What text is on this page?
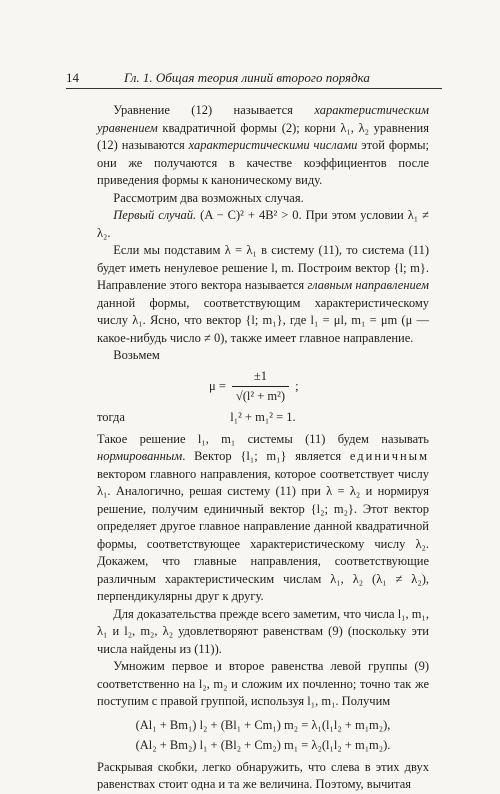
14	Гл. 1. Общая теория линий второго порядка

Уравнение (12) называется характеристическим уравнением квадратичной формы (2); корни λ₁, λ₂ уравнения (12) называются характеристическими числами этой формы; они же получаются в качестве коэффициентов после приведения формы к каноническому виду.

Рассмотрим два возможных случая.

Первый случай. (A − C)² + 4B² > 0. При этом условии λ₁ ≠ λ₂.

Если мы подставим λ = λ₁ в систему (11), то система (11) будет иметь ненулевое решение l, m. Построим вектор {l; m}. Направление этого вектора называется главным направлением данной формы, соответствующим характеристическому числу λ₁. Ясно, что вектор {l; m₁}, где l₁ = μl, m₁ = μm (μ — какое-нибудь число ≠ 0), также имеет главное направление.

Возьмем

$\mu = \frac{\pm 1}{\text{√(l² + m²)}}$ ;
тогда	l₁² + m₁² = 1.

Такое решение l₁, m₁ системы (11) будем называть нормированным. Вектор {l₁; m₁} является единичным вектором главного направления, которое соответствует числу λ₁. Аналогично, решая систему (11) при λ = λ₂ и нормируя решение, получим единичный вектор {l₂; m₂}. Этот вектор определяет другое главное направление данной квадратичной формы, соответствующее характеристическому числу λ₂. Докажем, что главные направления, соответствующие различным характеристическим числам λ₁, λ₂ (λ₁ ≠ λ₂), перпендикулярны друг к другу.

Для доказательства прежде всего заметим, что числа l₁, m₁, λ₁ и l₂, m₂, λ₂ удовлетворяют равенствам (9) (поскольку эти числа найдены из (11)).

Умножим первое и второе равенства левой группы (9) соответственно на l₂, m₂ и сложим их почленно; точно так же поступим с правой группой, используя l₁, m₁. Получим

(Al₁ + Bm₁) l₂ + (Bl₁ + Cm₁) m₂ = λ₁(l₁l₂ + m₁m₂),
(Al₂ + Bm₂) l₁ + (Bl₂ + Cm₂) m₁ = λ₂(l₁l₂ + m₁m₂).

Раскрывая скобки, легко обнаружить, что слева в этих двух равенствах стоит одна и та же величина. Поэтому, вычитая
